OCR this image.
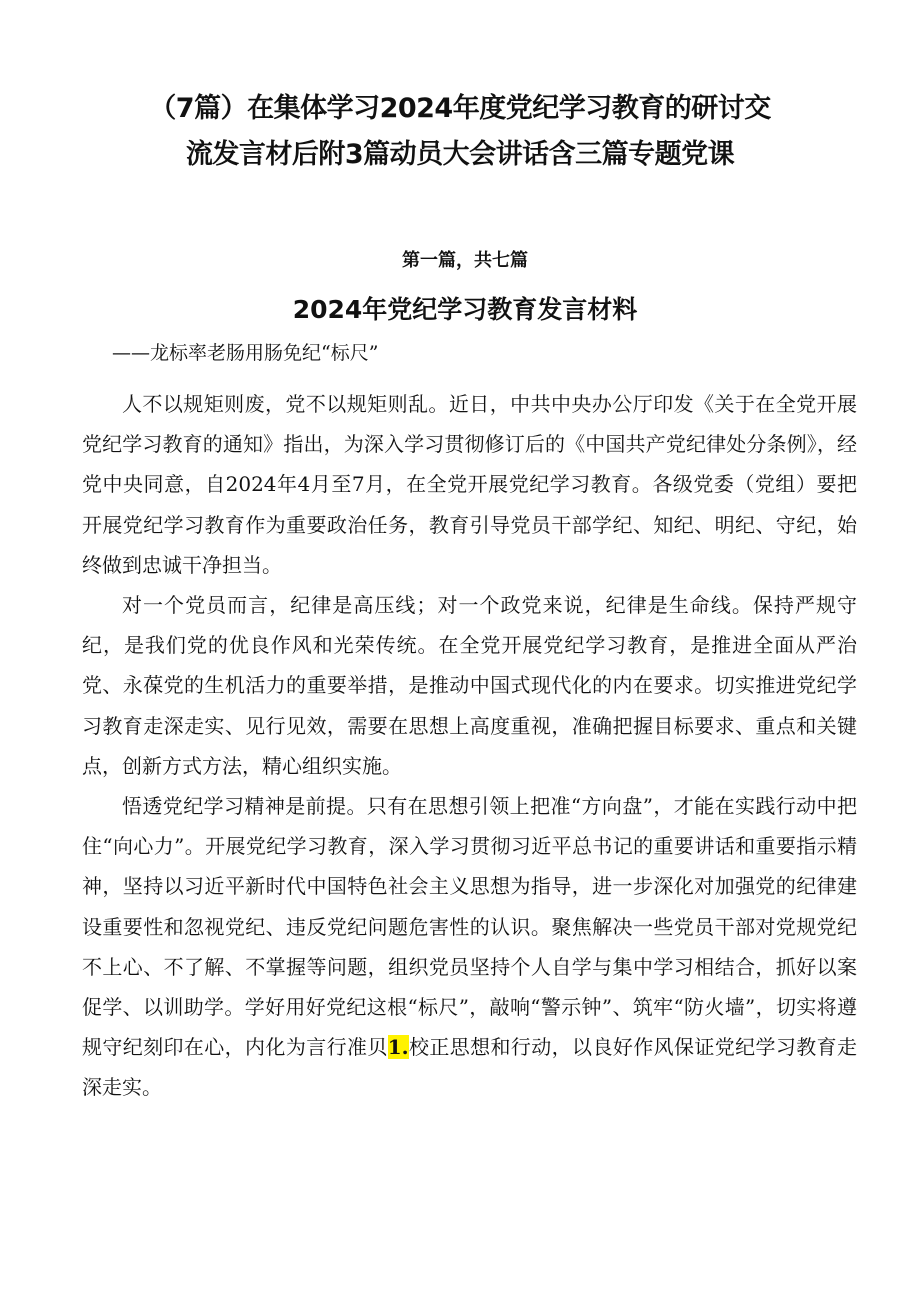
（7篇）在集体学习2024年度党纪学习教育的研讨交
流发言材后附3篇动员大会讲话含三篇专题党课
第一篇，共七篇
2024年党纪学习教育发言材料
——龙标率老肠用肠免纪“标尺”

人不以规矩则废，党不以规矩则乱。近日，中共中央办公厅印发《关于在全党开展党纪学习教育的通知》指出，为深入学习贯彻修订后的《中国共产党纪律处分条例》，经党中央同意，自2024年4月至7月，在全党开展党纪学习教育。各级党委（党组）要把开展党纪学习教育作为重要政治任务，教育引导党员干部学纪、知纪、明纪、守纪，始终做到忠诚干净担当。

对一个党员而言，纪律是高压线；对一个政党来说，纪律是生命线。保持严规守纪，是我们党的优良作风和光荣传统。在全党开展党纪学习教育，是推进全面从严治党、永葆党的生机活力的重要举措，是推动中国式现代化的内在要求。切实推进党纪学习教育走深走实、见行见效，需要在思想上高度重视，准确把握目标要求、重点和关键点，创新方式方法，精心组织实施。

悟透党纪学习精神是前提。只有在思想引领上把准“方向盘”，才能在实践行动中把住“向心力”。开展党纪学习教育，深入学习贯彻习近平总书记的重要讲话和重要指示精神，坚持以习近平新时代中国特色社会主义思想为指导，进一步深化对加强党的纪律建设重要性和忽视党纪、违反党纪问题危害性的认识。聚焦解决一些党员干部对党规党纪不上心、不了解、不掌握等问题，组织党员坚持个人自学与集中学习相结合，抓好以案促学、以训助学。学好用好党纪这根“标尺”，敲响“警示钟”、筑牢“防火墙”，切实将遵规守纪刻印在心，内化为言行准贝1.校正思想和行动，以良好作风保证党纪学习教育走深走实。
